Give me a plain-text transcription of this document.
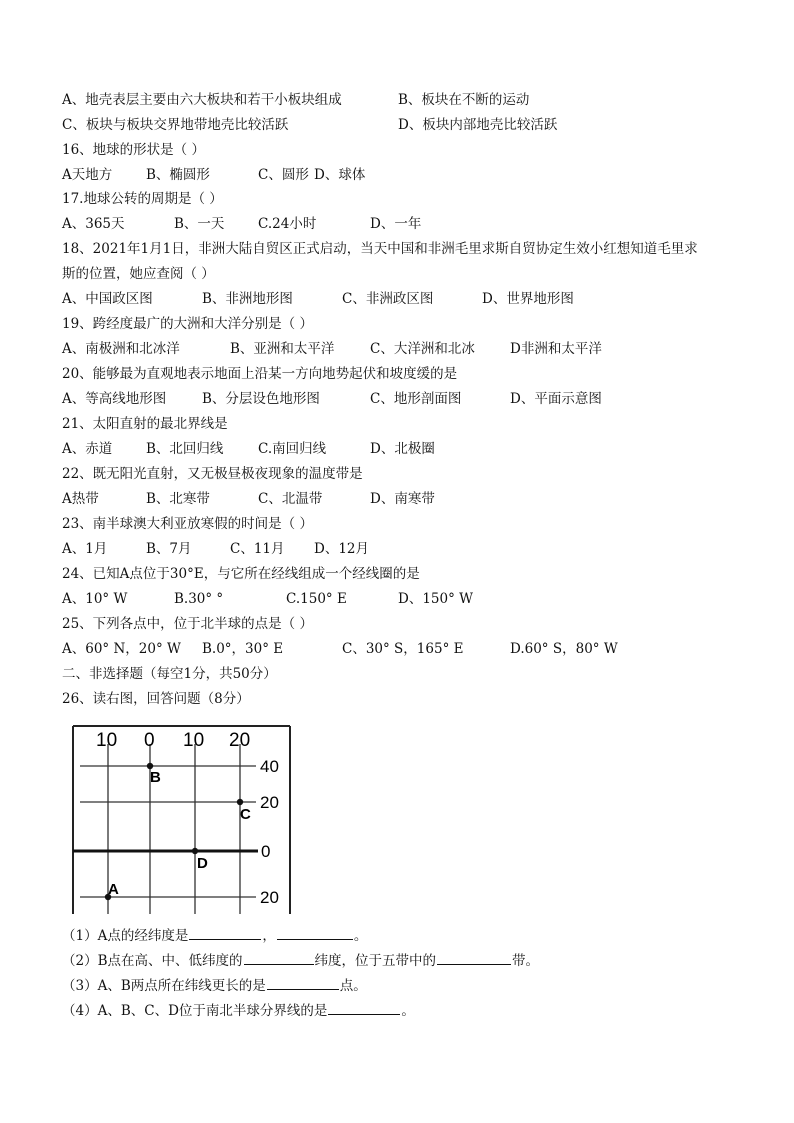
A、地壳表层主要由六大板块和若干小板块组成	B、板块在不断的运动
C、板块与板块交界地带地壳比较活跃	D、板块内部地壳比较活跃
16、地球的形状是（ ）
A天地方	B、椭圆形	C、圆形 D、球体
17.地球公转的周期是（ ）
A、365天	B、一天 C.24小时	D、一年
18、2021年1月1日，非洲大陆自贸区正式启动，当天中国和非洲毛里求斯自贸协定生效小红想知道毛里求
斯的位置，她应查阅（ ）
A、中国政区图	B、非洲地形图	C、非洲政区图	D、世界地形图
19、跨经度最广的大洲和大洋分别是（ ）
A、南极洲和北冰洋	B、亚洲和太平洋	C、大洋洲和北冰	D非洲和太平洋
20、能够最为直观地表示地面上沿某一方向地势起伏和坡度缓的是
A、等高线地形图	B、分层设色地形图	C、地形剖面图	D、平面示意图
21、太阳直射的最北界线是
A、赤道	B、北回归线	C.南回归线	D、北极圈
22、既无阳光直射，又无极昼极夜现象的温度带是
A热带	B、北寒带	C、北温带	D、南寒带
23、南半球澳大利亚放寒假的时间是（ ）
A、1月	B、7月	C、11月 D、12月
24、已知A点位于30°E，与它所在经线组成一个经线圈的是
A、10° W	B.30° °	C.150° E	D、150° W
25、下列各点中，位于北半球的点是（ ）
A、60° N，20° W B.0°，30° E	C、30° S，165° E	D.60° S，80° W
二、非选择题（每空1分，共50分）
26、读右图，回答问题（8分）
10 0 10 20
40
20
0
20
B
C
D
A
（1）A点的经纬度是	，	。
（2）B点在高、中、低纬度的	纬度，位于五带中的	带。
（3）A、B两点所在纬线更长的是	点。
（4）A、B、C、D位于南北半球分界线的是	。
